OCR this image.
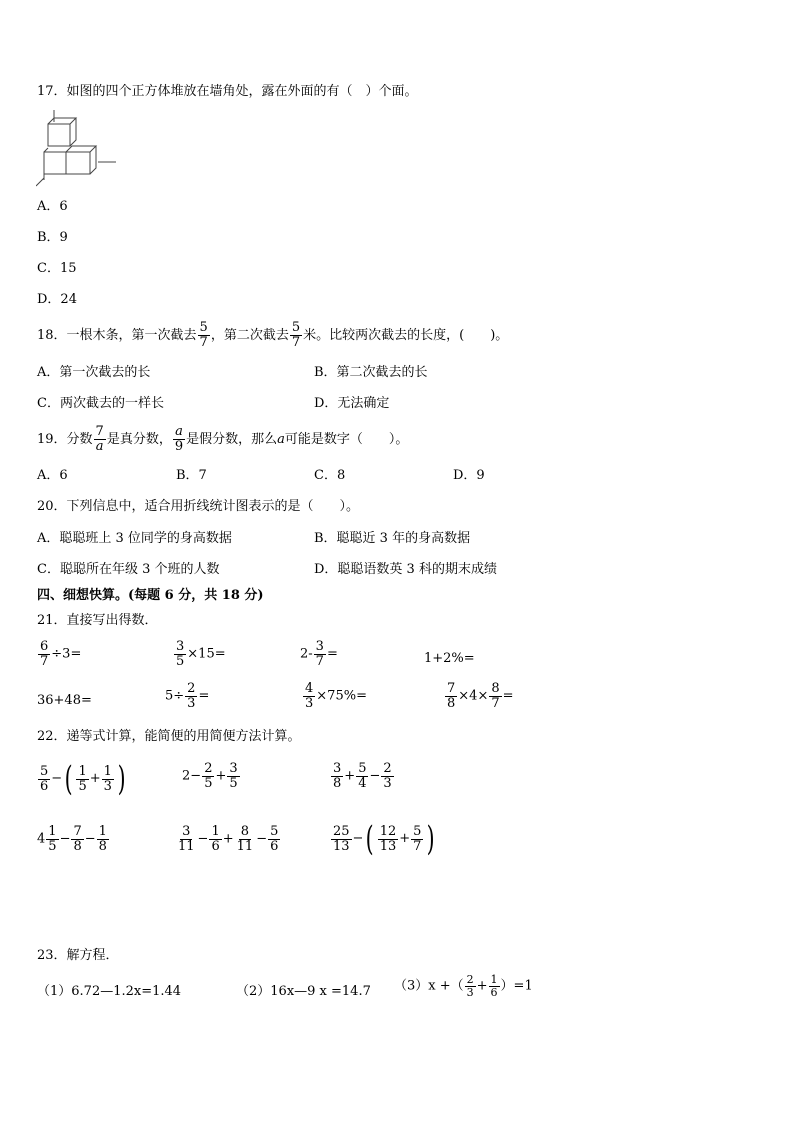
17．如图的四个正方体堆放在墙角处，露在外面的有（　）个面。
A．6
B．9
C．15
D．24
18．一根木条，第一次截去 $\frac{5}{7}$ ，第二次截去 $\frac{5}{7}$ 米。比较两次截去的长度，(　　)。
A．第一次截去的长	B．第二次截去的长
C．两次截去的一样长	D．无法确定
19．分数 $\frac{7}{a}$ 是真分数， $\frac{a}{9}$ 是假分数，那么a可能是数字（　　）。
A．6	B．7	C．8	D．9
20．下列信息中，适合用折线统计图表示的是（　　）。
A．聪聪班上 3 位同学的身高数据	B．聪聪近 3 年的身高数据
C．聪聪所在年级 3 个班的人数	D．聪聪语数英 3 科的期末成绩
四、细想快算。(每题 6 分，共 18 分)
21．直接写出得数．
$\frac{6}{7} \div 3=$	$\frac{3}{5} \times 15=$	$2- \frac{3}{7}$ =	1+2%=
36+48=	$5\div \frac{2}{3}$ =	$\frac{4}{3} \times 75\%=$	$\frac{7}{8} \times 4\times \frac{8}{7}$ =
22．递等式计算，能简便的用简便方法计算。
$\frac{5}{6}$ −( $\frac{1}{5} + \frac{1}{3}$ )	$2- \frac{2}{5} + \frac{3}{5}$	$\frac{3}{8} + \frac{5}{4} - \frac{2}{3}$
$4 \frac{1}{5} - \frac{7}{8} - \frac{1}{8}$	$\frac{3}{11} - \frac{1}{6} + \frac{8}{11} - \frac{5}{6}$	$\frac{25}{13}$ −( $\frac{12}{13} + \frac{5}{7}$ )
23．解方程．
（1）6.72—1.2x=1.44	（2）16x—9 x =14.7 （3）x +（ $\frac{2}{3} + \frac{1}{6} )=1$
